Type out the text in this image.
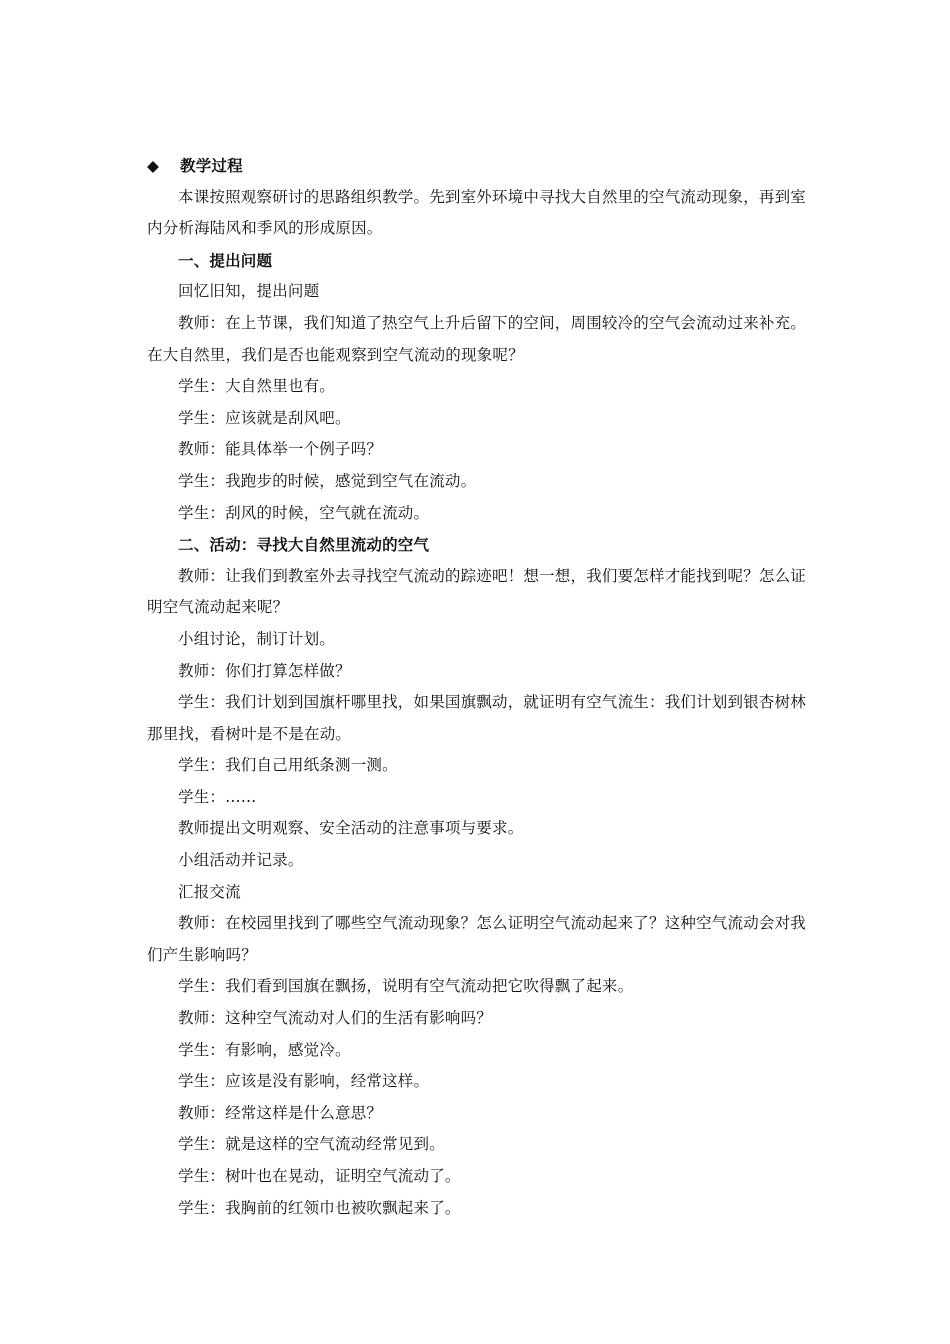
◆ 教学过程

本课按照观察研讨的思路组织教学。先到室外环境中寻找大自然里的空气流动现象，再到室内分析海陆风和季风的形成原因。

一、提出问题

回忆旧知，提出问题

教师：在上节课，我们知道了热空气上升后留下的空间，周围较冷的空气会流动过来补充。在大自然里，我们是否也能观察到空气流动的现象呢？

学生：大自然里也有。

学生：应该就是刮风吧。

教师：能具体举一个例子吗？

学生：我跑步的时候，感觉到空气在流动。

学生：刮风的时候，空气就在流动。

二、活动：寻找大自然里流动的空气

教师：让我们到教室外去寻找空气流动的踪迹吧！想一想，我们要怎样才能找到呢？怎么证明空气流动起来呢？

小组讨论，制订计划。

教师：你们打算怎样做？

学生：我们计划到国旗杆哪里找，如果国旗飘动，就证明有空气流生：我们计划到银杏树林那里找，看树叶是不是在动。

学生：我们自己用纸条测一测。

学生：……

教师提出文明观察、安全活动的注意事项与要求。

小组活动并记录。

汇报交流

教师：在校园里找到了哪些空气流动现象？怎么证明空气流动起来了？这种空气流动会对我们产生影响吗？

学生：我们看到国旗在飘扬，说明有空气流动把它吹得飘了起来。

教师：这种空气流动对人们的生活有影响吗？

学生：有影响，感觉冷。

学生：应该是没有影响，经常这样。

教师：经常这样是什么意思？

学生：就是这样的空气流动经常见到。

学生：树叶也在晃动，证明空气流动了。

学生：我胸前的红领巾也被吹飘起来了。
